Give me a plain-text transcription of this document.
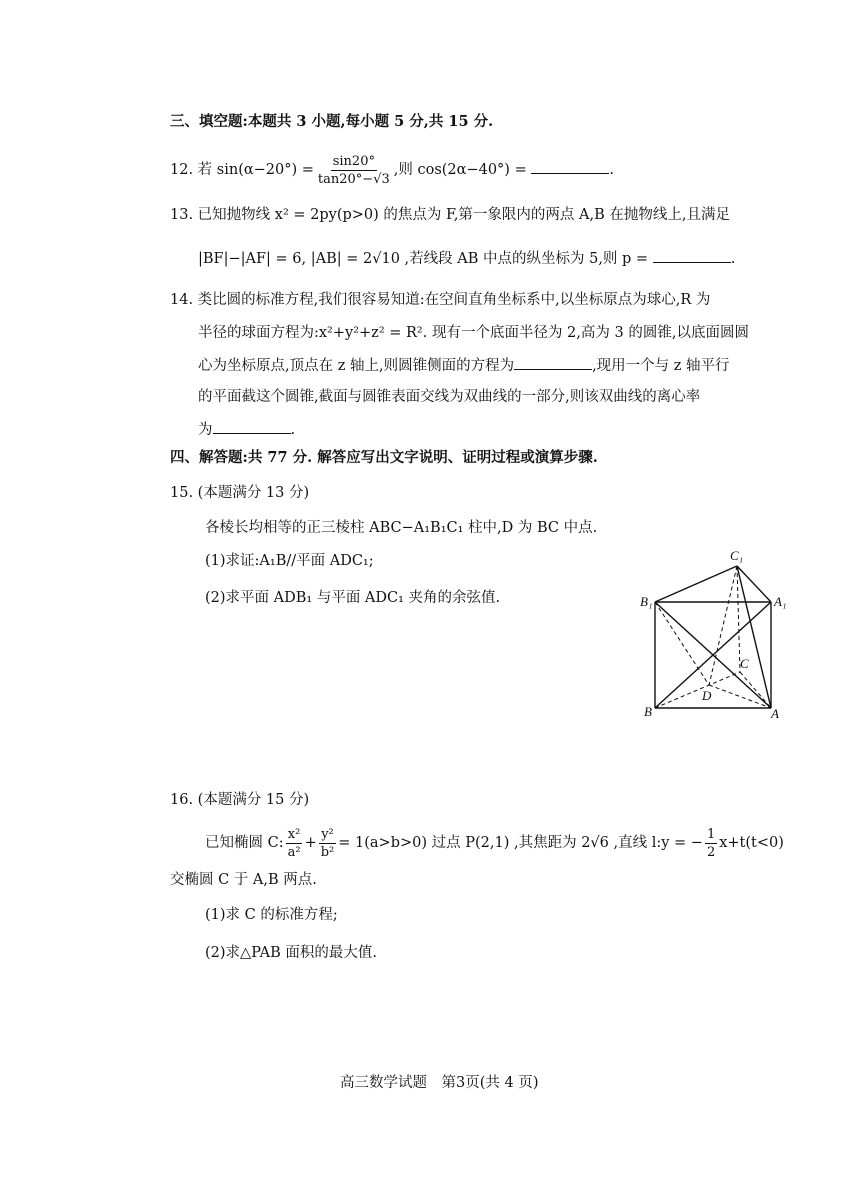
三、填空题:本题共 3 小题,每小题 5 分,共 15 分.
12. 若 $\sin(\alpha-20^\circ) = \frac{\sin 20^\circ}{\tan 20^\circ-√3}$ ,则 cos(2α−40°) =	.
13. 已知抛物线 x² = 2py(p>0) 的焦点为 F,第一象限内的两点 A,B 在抛物线上,且满足
|BF|−|AF| = 6, |AB| = 2√10 ,若线段 AB 中点的纵坐标为 5,则 p =	.
14. 类比圆的标准方程,我们很容易知道:在空间直角坐标系中,以坐标原点为球心,R 为
半径的球面方程为:x²+y²+z² = R². 现有一个底面半径为 2,高为 3 的圆锥,以底面圆圆
心为坐标原点,顶点在 z 轴上,则圆锥侧面的方程为	,现用一个与 z 轴平行
的平面截这个圆锥,截面与圆锥表面交线为双曲线的一部分,则该双曲线的离心率
为	.
四、解答题:共 77 分. 解答应写出文字说明、证明过程或演算步骤.
15. (本题满分 13 分)
各棱长均相等的正三棱柱 ABC−A₁B₁C₁ 柱中,D 为 BC 中点.
(1)求证:A₁B//平面 ADC₁;
(2)求平面 ADB₁ 与平面 ADC₁ 夹角的余弦值.
C₁
B₁	A₁
B	A
C
D
16. (本题满分 15 分)
已知椭圆 C: $\frac{\text{x²}}{\text{a²}} + \frac{\text{y²}}{\text{b²}} = 1(a>b>0)$ 过点 P(2,1) ,其焦距为 2√6 ,直线 l:y = − $\frac{1}{2} x+t(t<0)$
交椭圆 C 于 A,B 两点.
(1)求 C 的标准方程;
(2)求△PAB 面积的最大值.
高三数学试题　第3页(共 4 页)
